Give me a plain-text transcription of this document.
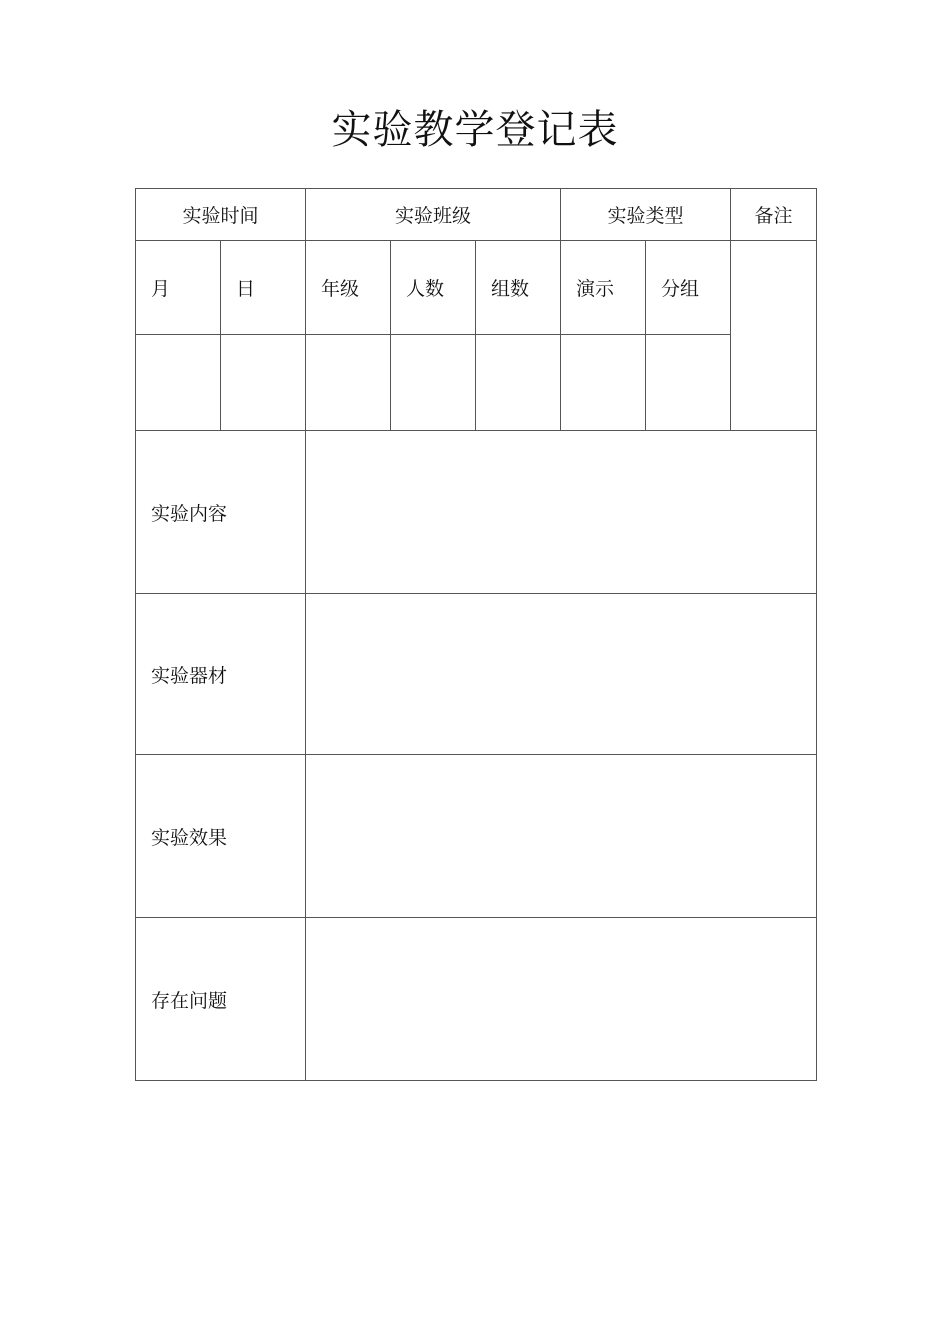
实验教学登记表
实验时间		实验班级			实验类型		备注
月	日	年级	人数	组数	演示	分组	

实验内容							
实验器材							
实验效果							
存在问题							
